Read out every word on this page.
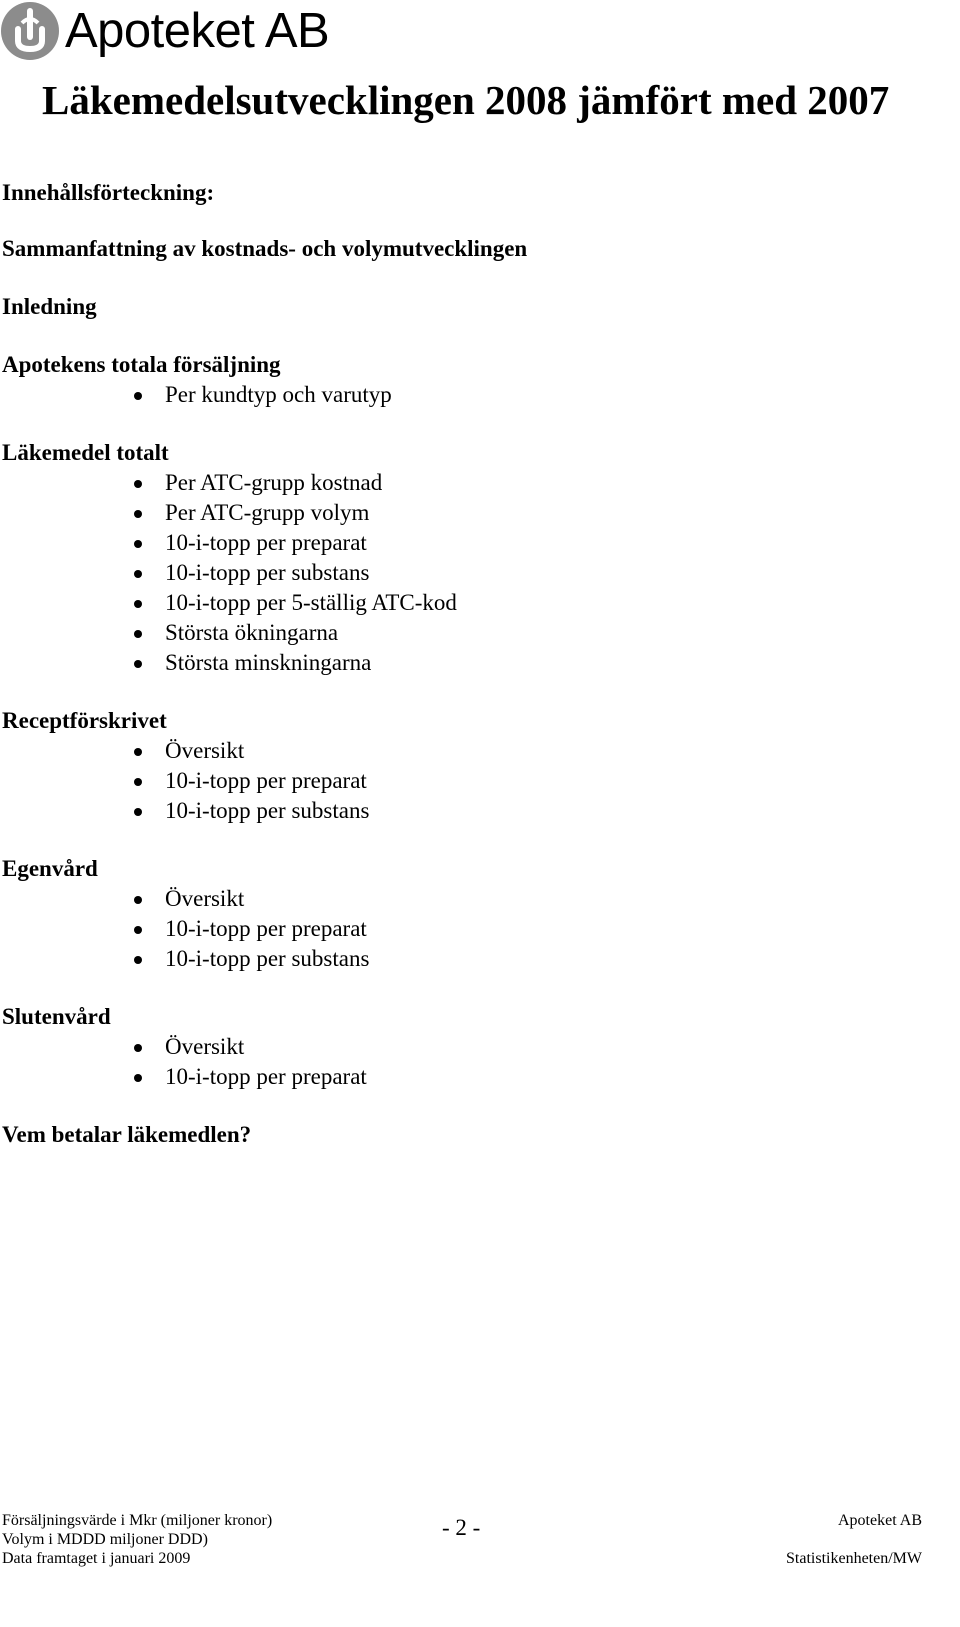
Apoteket AB
Läkemedelsutvecklingen 2008 jämfört med 2007

Innehållsförteckning:

Sammanfattning av kostnads- och volymutvecklingen

Inledning

Apotekens totala försäljning

Per kundtyp och varutyp

Läkemedel totalt

Per ATC-grupp kostnad
Per ATC-grupp volym
10-i-topp per preparat
10-i-topp per substans
10-i-topp per 5-ställig ATC-kod
Största ökningarna
Största minskningarna

Receptförskrivet

Översikt
10-i-topp per preparat
10-i-topp per substans

Egenvård

Översikt
10-i-topp per preparat
10-i-topp per substans

Slutenvård

Översikt
10-i-topp per preparat

Vem betalar läkemedlen?

Försäljningsvärde i Mkr (miljoner kronor)
Volym i MDDD miljoner DDD)
Data framtaget i januari 2009
- 2 -	Apoteket AB
Statistikenheten/MW
